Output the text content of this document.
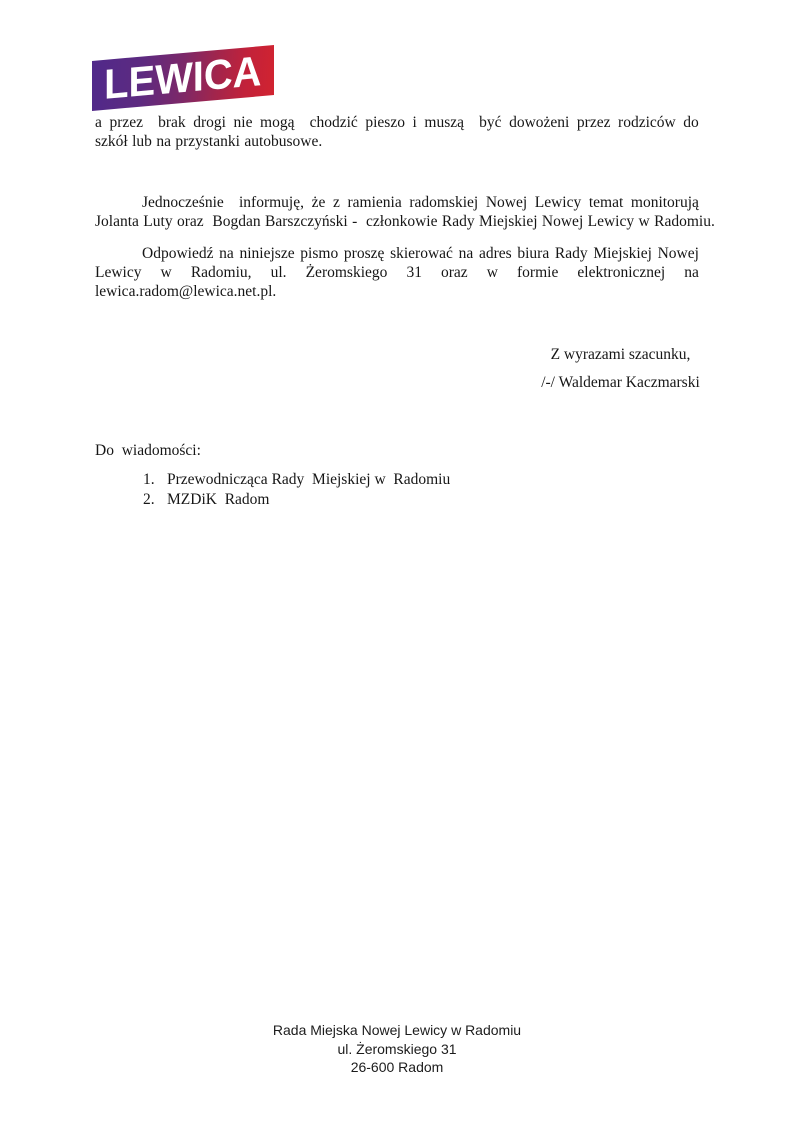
LEWICA
a przez brak drogi nie mogą chodzić pieszo i muszą być dowożeni przez rodziców do
szkół lub na przystanki autobusowe.
Jednocześnie informuję, że z ramienia radomskiej Nowej Lewicy temat monitorują
Jolanta Luty oraz Bogdan Barszczyński - członkowie Rady Miejskiej Nowej Lewicy w Radomiu.
Odpowiedź na niniejsze pismo proszę skierować na adres biura Rady Miejskiej Nowej
Lewicy w Radomiu, ul. Żeromskiego 31 oraz w formie elektronicznej na
lewica.radom@lewica.net.pl.
Z wyrazami szacunku,
/-/ Waldemar Kaczmarski
Do  wiadomości:
1. Przewodnicząca Rady  Miejskiej w  Radomiu
2. MZDiK  Radom
Rada Miejska Nowej Lewicy w Radomiu
ul. Żeromskiego 31
26-600 Radom
